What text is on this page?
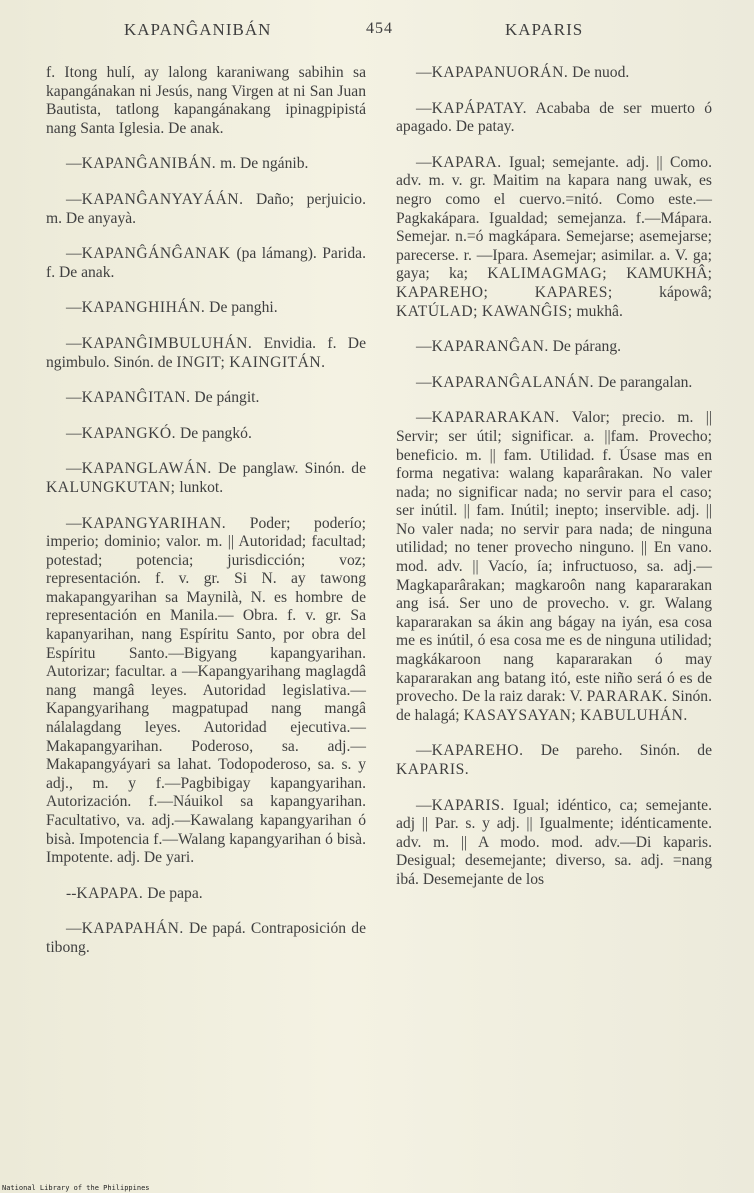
KAPANĜANIBÁN	454	KAPARIS

f. Itong hulí, ay lalong karaniwang sabihin sa kapangánakan ni Jesús, nang Virgen at ni San Juan Bautista, tatlong kapangánakang ipinagpipistá nang Santa Iglesia. De anak.

—KAPANĜANIBÁN. m. De ngánib.

—KAPANĜANYAYÁÁN. Daño; perjuicio. m. De anyayà.

—KAPANĜÁNĜANAK (pa lámang). Parida. f. De anak.

—KAPANGHIHÁN. De panghi.

—KAPANĜIMBULUHÁN. Envidia. f. De ngimbulo. Sinón. de INGIT; KAINGITÁN.

—KAPANĜITAN. De pángit.

—KAPANGKÓ. De pangkó.

—KAPANGLAWÁN. De panglaw. Sinón. de KALUNGKUTAN; lunkot.

—KAPANGYARIHAN. Poder; poderío; imperio; dominio; valor. m. || Autoridad; facultad; potestad; potencia; jurisdicción; voz; representación. f. v. gr. Si N. ay tawong makapangyarihan sa Maynilà, N. es hombre de representación en Manila.— Obra. f. v. gr. Sa kapanyarihan, nang Espíritu Santo, por obra del Espíritu Santo.—Bigyang kapangyarihan. Autorizar; facultar. a —Kapangyarihang maglagdâ nang mangâ leyes. Autoridad legislativa.—Kapangyarihang magpatupad nang mangâ nálalagdang leyes. Autoridad ejecutiva.—Makapangyarihan. Poderoso, sa. adj.—Makapangyáyari sa lahat. Todopoderoso, sa. s. y adj., m. y f.—Pagbibigay kapangyarihan. Autorización. f.—Náuikol sa kapangyarihan. Facultativo, va. adj.—Kawalang kapangyarihan ó bisà. Impotencia f.—Walang kapangyarihan ó bisà. Impotente. adj. De yari.

--KAPAPA. De papa.

—KAPAPAHÁN. De papá. Contraposición de tibong.

—KAPAPANUORÁN. De nuod.

—KAPÁPATAY. Acababa de ser muerto ó apagado. De patay.

—KAPARA. Igual; semejante. adj. || Como. adv. m. v. gr. Maitim na kapara nang uwak, es negro como el cuervo.=nitó. Como este.—Pagkakápara. Igualdad; semejanza. f.—Mápara. Semejar. n.=ó magkápara. Semejarse; asemejarse; parecerse. r. —Ipara. Asemejar; asimilar. a. V. ga; gaya; ka; KALIMAGMAG; KAMUKHÂ; KAPAREHO;	KAPARES; kápowâ; KATÚLAD; KAWANĜIS; mukhâ.

—KAPARANĜAN. De párang.

—KAPARANĜALANÁN. De parangalan.

—KAPARARAKAN. Valor; precio. m. || Servir; ser útil; significar. a. ||fam. Provecho; beneficio. m. || fam. Utilidad. f. Úsase mas en forma negativa: walang kaparârakan. No valer nada; no significar nada; no servir para el caso; ser inútil. || fam. Inútil; inepto; inservible. adj. || No valer nada; no servir para nada; de ninguna utilidad; no tener provecho ninguno. || En vano. mod. adv. || Vacío, ía; infructuoso, sa. adj.—Magkaparârakan; magkaroôn nang kapararakan ang isá. Ser uno de provecho. v. gr. Walang kapararakan sa ákin ang bágay na iyán, esa cosa me es inútil, ó esa cosa me es de ninguna utilidad; magkákaroon nang kapararakan ó may kapararakan ang batang itó, este niño será ó es de provecho. De la raiz darak: V. PARARAK. Sinón. de halagá; KASAYSAYAN; KABULUHÁN.

—KAPAREHO. De pareho. Sinón. de KAPARIS.

—KAPARIS. Igual; idéntico, ca; semejante. adj || Par. s. y adj. || Igualmente; idénticamente. adv. m. || A modo. mod. adv.—Di kaparis. Desigual; desemejante; diverso, sa. adj. =nang ibá. Desemejante de los

National Library of the Philippines
